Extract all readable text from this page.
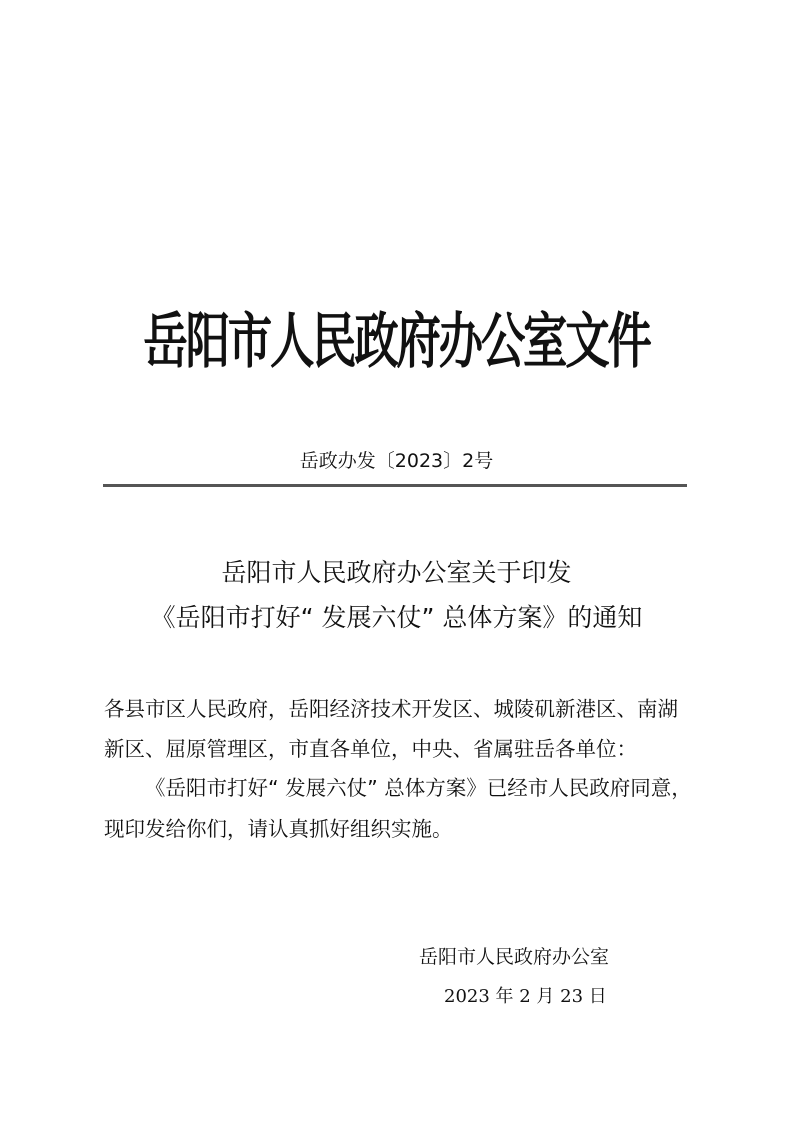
岳阳市人民政府办公室文件
岳政办发〔2023〕2号
岳阳市人民政府办公室关于印发
《岳阳市打好“ 发展六仗” 总体方案》的通知
各县市区人民政府，岳阳经济技术开发区、城陵矶新港区、南湖
新区、屈原管理区，市直各单位，中央、省属驻岳各单位：
《岳阳市打好“ 发展六仗” 总体方案》已经市人民政府同意，
现印发给你们，请认真抓好组织实施。
岳阳市人民政府办公室
2023 年 2 月 23 日
